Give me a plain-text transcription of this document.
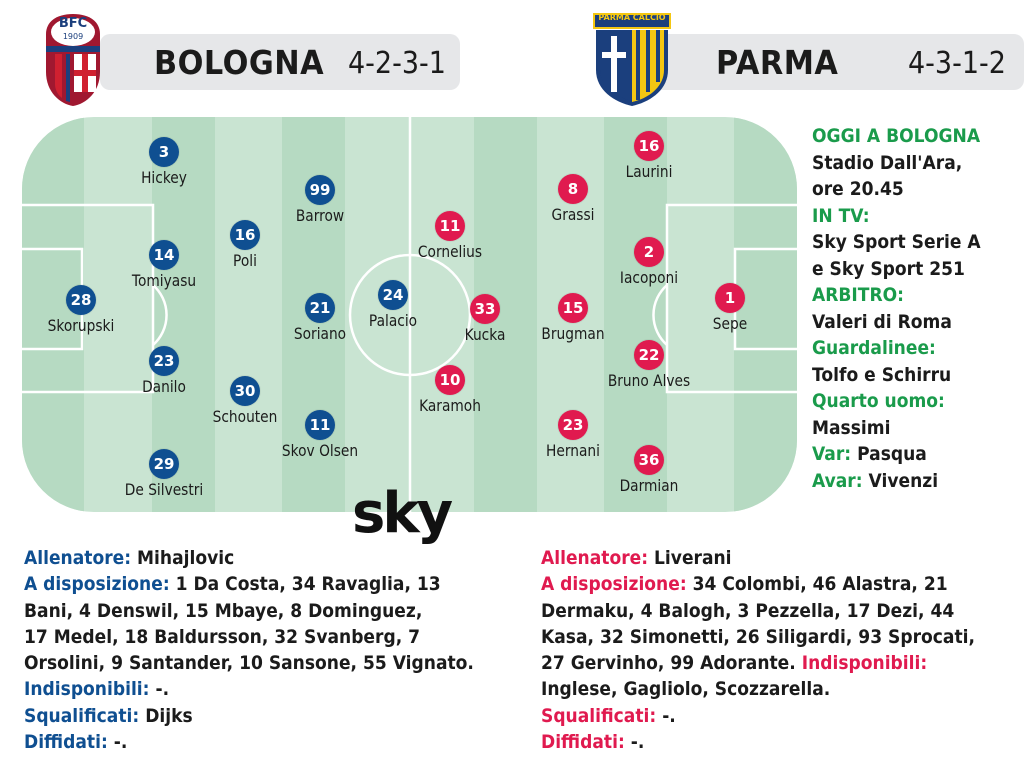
BFC
1909
BOLOGNA 4-2-3-1
PARMA CALCIO
PARMA 4-3-1-2
3
Hickey
14
Tomiyasu
28
Skorupski
23
Danilo
29
De Silvestri
16
Poli
30
Schouten
99
Barrow
21
Soriano
11
Skov Olsen
24
Palacio
11
Cornelius
33
Kucka
10
Karamoh
8
Grassi
15
Brugman
23
Hernani
16
Laurini
2
Iacoponi
22
Bruno Alves
36
Darmian
1
Sepe
sky
OGGI A BOLOGNA
Stadio Dall'Ara,
ore 20.45
IN TV:
Sky Sport Serie A
e Sky Sport 251
ARBITRO:
Valeri di Roma
Guardalinee:
Tolfo e Schirru
Quarto uomo:
Massimi
Var: Pasqua
Avar: Vivenzi
Allenatore: Mihajlovic
A disposizione: 1 Da Costa, 34 Ravaglia, 13
Bani, 4 Denswil, 15 Mbaye, 8 Dominguez,
17 Medel, 18 Baldursson, 32 Svanberg, 7
Orsolini, 9 Santander, 10 Sansone, 55 Vignato.
Indisponibili: -.
Squalificati: Dijks
Diffidati: -.
Allenatore: Liverani
A disposizione: 34 Colombi, 46 Alastra, 21
Dermaku, 4 Balogh, 3 Pezzella, 17 Dezi, 44
Kasa, 32 Simonetti, 26 Siligardi, 93 Sprocati,
27 Gervinho, 99 Adorante. Indisponibili:
Inglese, Gagliolo, Scozzarella.
Squalificati: -.
Diffidati: -.
